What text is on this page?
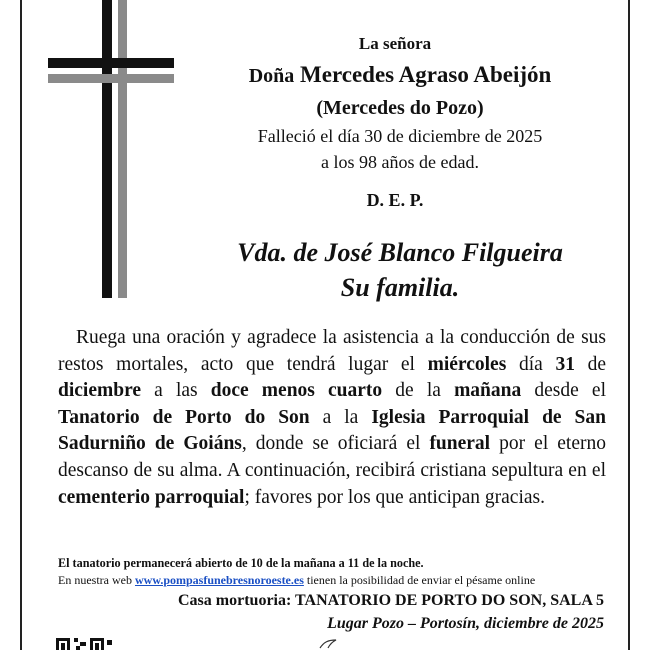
La señora
Doña Mercedes Agraso Abeijón
(Mercedes do Pozo)
Falleció el día 30 de diciembre de 2025
a los 98 años de edad.
D. E. P.
Vda. de José Blanco Filgueira
Su familia.

Ruega una oración y agradece la asistencia a la conducción de sus restos mortales, acto que tendrá lugar el miércoles día 31 de diciembre a las doce menos cuarto de la mañana desde el Tanatorio de Porto do Son a la Iglesia Parroquial de San Sadurniño de Goiáns, donde se oficiará el funeral por el eterno descanso de su alma. A continuación, recibirá cristiana sepultura en el cementerio parroquial; favores por los que anticipan gracias.

El tanatorio permanecerá abierto de 10 de la mañana a 11 de la noche.
En nuestra web www.pompasfunebresnoroeste.es tienen la posibilidad de enviar el pésame online
Casa mortuoria: TANATORIO DE PORTO DO SON, SALA 5
Lugar Pozo – Portosín, diciembre de 2025
